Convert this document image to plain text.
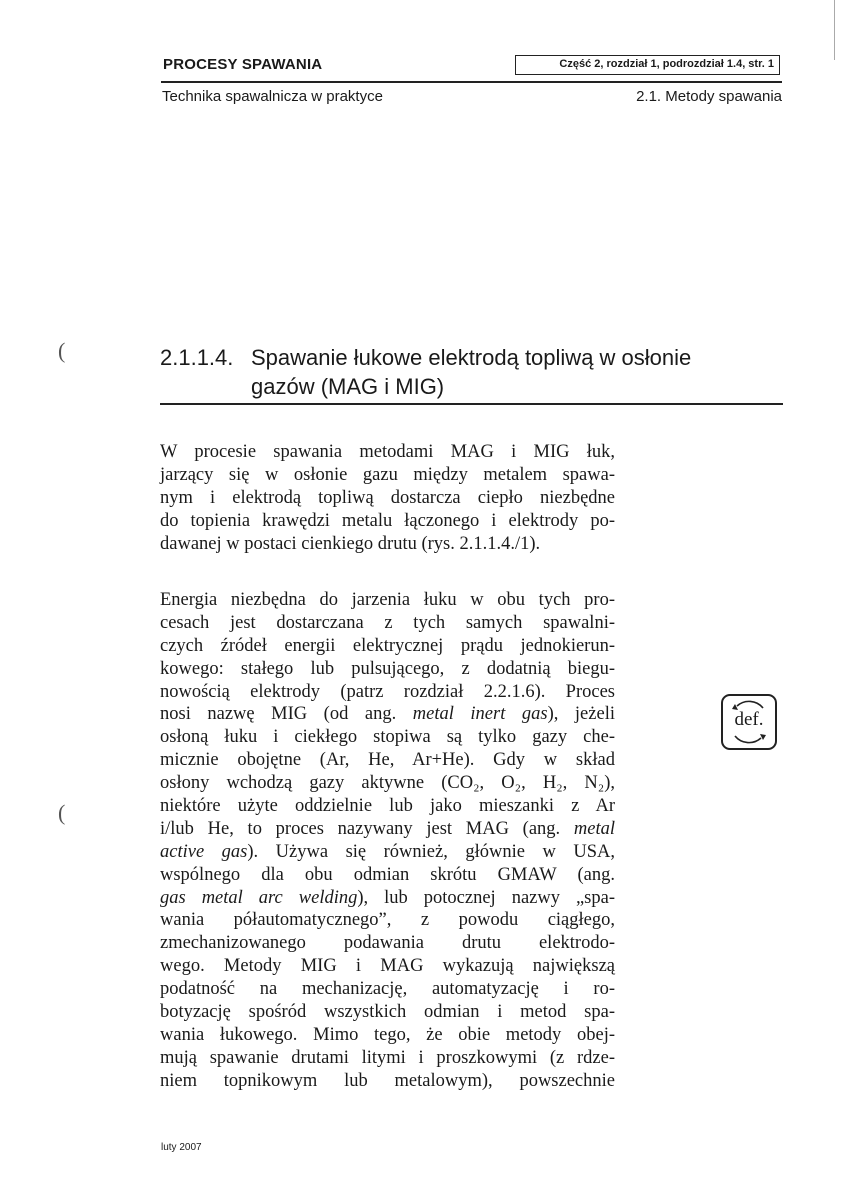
PROCESY SPAWANIA	Część 2, rozdział 1, podrozdział 1.4, str. 1
Technika spawalnicza w praktyce	2.1. Metody spawania
(
(
2.1.1.4. Spawanie łukowe elektrodą topliwą w osłonie
gazów (MAG i MIG)
W procesie spawania metodami MAG i MIG łuk,
jarzący się w osłonie gazu między metalem spawa-
nym i elektrodą topliwą dostarcza ciepło niezbędne
do topienia krawędzi metalu łączonego i elektrody po-
dawanej w postaci cienkiego drutu (rys. 2.1.1.4./1).
Energia niezbędna do jarzenia łuku w obu tych pro-
cesach jest dostarczana z tych samych spawalni-
czych źródeł energii elektrycznej prądu jednokierun-
kowego: stałego lub pulsującego, z dodatnią biegu-
nowością elektrody (patrz rozdział 2.2.1.6). Proces
nosi nazwę MIG (od ang. metal inert gas), jeżeli
osłoną łuku i ciekłego stopiwa są tylko gazy che-
micznie obojętne (Ar, He, Ar+He). Gdy w skład
osłony wchodzą gazy aktywne (CO₂, O₂, H₂, N₂),
niektóre użyte oddzielnie lub jako mieszanki z Ar
i/lub He, to proces nazywany jest MAG (ang. metal
active gas). Używa się również, głównie w USA,
wspólnego dla obu odmian skrótu GMAW (ang.
gas metal arc welding), lub potocznej nazwy „spa-
wania półautomatycznego”, z powodu ciągłego,
zmechanizowanego podawania drutu elektrodo-
wego. Metody MIG i MAG wykazują największą
podatność na mechanizację, automatyzację i ro-
botyzację spośród wszystkich odmian i metod spa-
wania łukowego. Mimo tego, że obie metody obej-
mują spawanie drutami litymi i proszkowymi (z rdze-
niem topnikowym lub metalowym), powszechnie
def.
luty 2007
